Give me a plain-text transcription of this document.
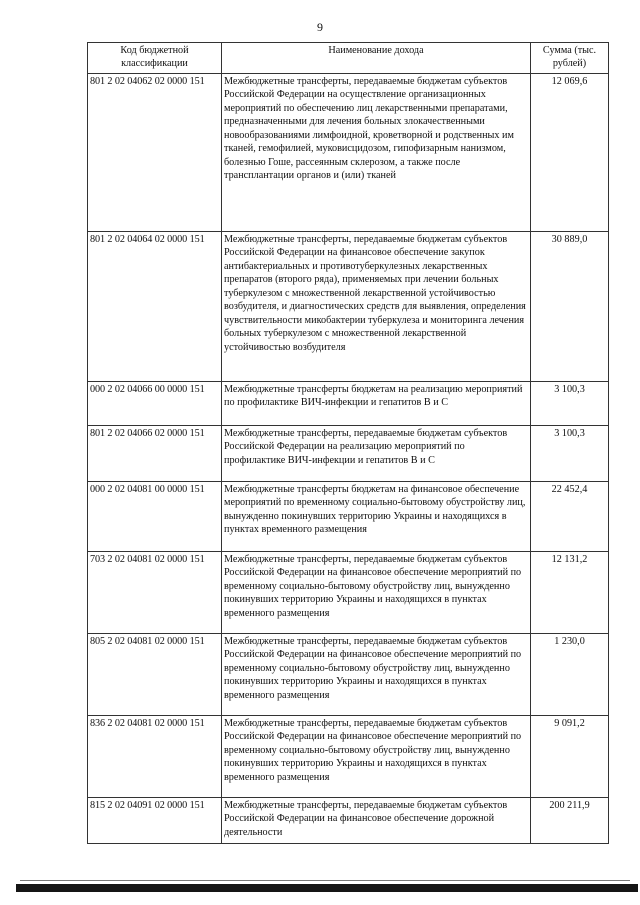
9
Код бюджетной классификации	Наименование дохода	Сумма (тыс. рублей)
801 2 02 04062 02 0000 151	Межбюджетные трансферты, передаваемые бюджетам субъектов Российской Федерации на осуществление организационных мероприятий по обеспечению лиц лекарственными препаратами, предназначенными для лечения больных злокачественными новообразованиями лимфоидной, кроветворной и родственных им тканей, гемофилией, муковисцидозом, гипофизарным нанизмом, болезнью Гоше, рассеянным склерозом, а также после трансплантации органов и (или) тканей	12 069,6
801 2 02 04064 02 0000 151	Межбюджетные трансферты, передаваемые бюджетам субъектов Российской Федерации на финансовое обеспечение закупок антибактериальных и противотуберкулезных лекарственных препаратов (второго ряда), применяемых при лечении больных туберкулезом с множественной лекарственной устойчивостью возбудителя, и диагностических средств для выявления, определения чувствительности микобактерии туберкулеза и мониторинга лечения больных туберкулезом с множественной лекарственной устойчивостью возбудителя	30 889,0
000 2 02 04066 00 0000 151	Межбюджетные трансферты бюджетам на реализацию мероприятий по профилактике ВИЧ-инфекции и гепатитов В и С	3 100,3
801 2 02 04066 02 0000 151	Межбюджетные трансферты, передаваемые бюджетам субъектов Российской Федерации на реализацию мероприятий по профилактике ВИЧ-инфекции и гепатитов В и С	3 100,3
000 2 02 04081 00 0000 151	Межбюджетные трансферты бюджетам на финансовое обеспечение мероприятий по временному социально-бытовому обустройству лиц, вынужденно покинувших территорию Украины и находящихся в пунктах временного размещения	22 452,4
703 2 02 04081 02 0000 151	Межбюджетные трансферты, передаваемые бюджетам субъектов Российской Федерации на финансовое обеспечение мероприятий по временному социально-бытовому обустройству лиц, вынужденно покинувших территорию Украины и находящихся в пунктах временного размещения	12 131,2
805 2 02 04081 02 0000 151	Межбюджетные трансферты, передаваемые бюджетам субъектов Российской Федерации на финансовое обеспечение мероприятий по временному социально-бытовому обустройству лиц, вынужденно покинувших территорию Украины и находящихся в пунктах временного размещения	1 230,0
836 2 02 04081 02 0000 151	Межбюджетные трансферты, передаваемые бюджетам субъектов Российской Федерации на финансовое обеспечение мероприятий по временному социально-бытовому обустройству лиц, вынужденно покинувших территорию Украины и находящихся в пунктах временного размещения	9 091,2
815 2 02 04091 02 0000 151	Межбюджетные трансферты, передаваемые бюджетам субъектов Российской Федерации на финансовое обеспечение дорожной деятельности	200 211,9
